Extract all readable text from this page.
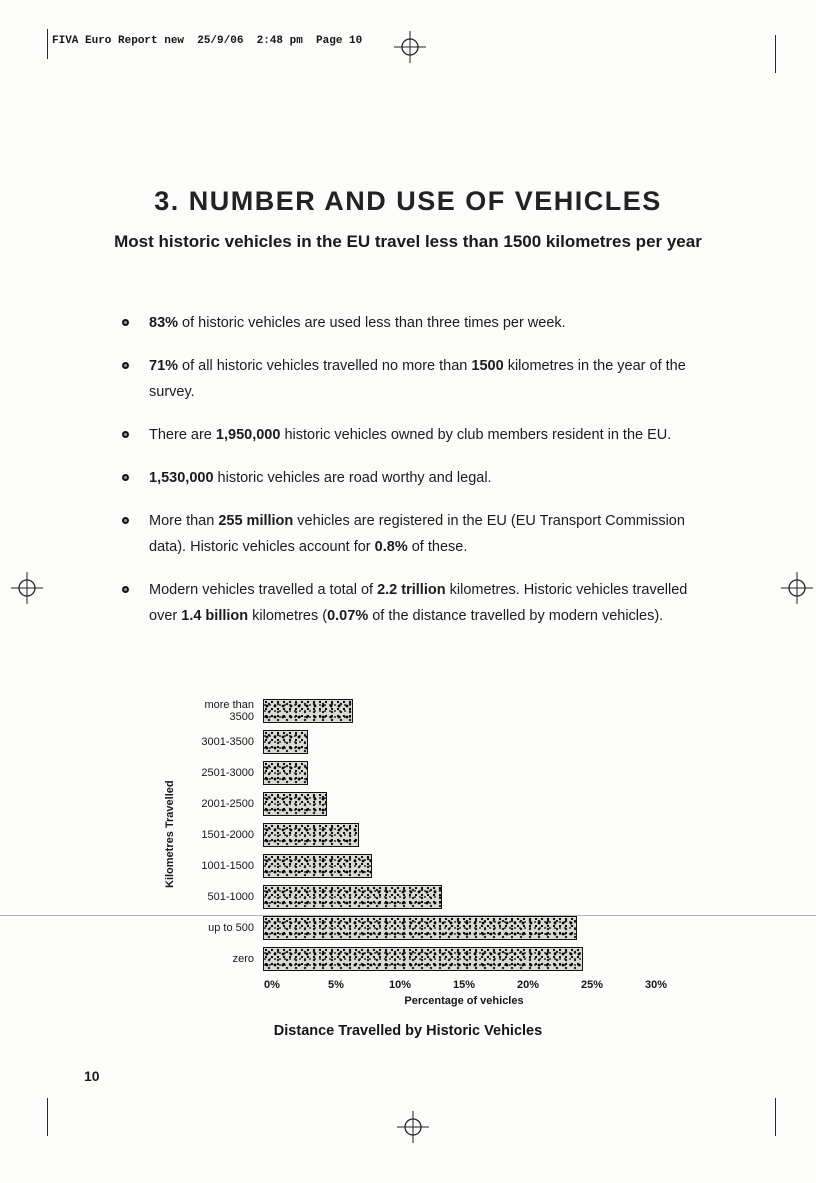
FIVA Euro Report new  25/9/06  2:48 pm  Page 10
3. NUMBER AND USE OF VEHICLES
Most historic vehicles in the EU travel less than 1500 kilometres per year
83% of historic vehicles are used less than three times per week.
71% of all historic vehicles travelled no more than 1500 kilometres in the year of the survey.
There are 1,950,000 historic vehicles owned by club members resident in the EU.
1,530,000 historic vehicles are road worthy and legal.
More than 255 million vehicles are registered in the EU (EU Transport Commission data). Historic vehicles account for 0.8% of these.
Modern vehicles travelled a total of 2.2 trillion kilometres. Historic vehicles travelled over 1.4 billion kilometres (0.07% of the distance travelled by modern vehicles).
Kilometres Travelled
more than 3500
3001-3500
2501-3000
2001-2500
1501-2000
1001-1500
501-1000
up to 500
zero
0%	5%	10%	15%	20%	25%	30%
Percentage of vehicles
Distance Travelled by Historic Vehicles
10
